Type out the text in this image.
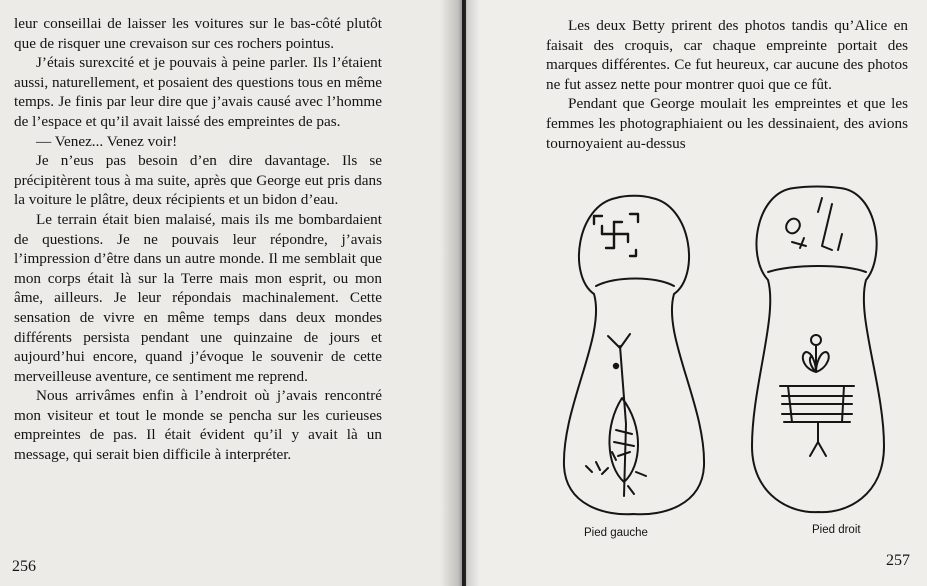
leur conseillai de laisser les voitures sur le bas-côté plutôt que de risquer une crevaison sur ces rochers pointus.

J’étais surexcité et je pouvais à peine parler. Ils l’étaient aussi, naturellement, et posaient des questions tous en même temps. Je finis par leur dire que j’avais causé avec l’homme de l’espace et qu’il avait laissé des empreintes de pas.

— Venez... Venez voir!

Je n’eus pas besoin d’en dire davantage. Ils se précipitèrent tous à ma suite, après que George eut pris dans la voiture le plâtre, deux récipients et un bidon d’eau.

Le terrain était bien malaisé, mais ils me bombardaient de questions. Je ne pouvais leur répondre, j’avais l’impression d’être dans un autre monde. Il me semblait que mon corps était là sur la Terre mais mon esprit, ou mon âme, ailleurs. Je leur répondais machinalement. Cette sensation de vivre en même temps dans deux mondes différents persista pendant une quinzaine de jours et aujourd’hui encore, quand j’évoque le souvenir de cette merveilleuse aventure, ce sentiment me reprend.

Nous arrivâmes enfin à l’endroit où j’avais rencontré mon visiteur et tout le monde se pencha sur les curieuses empreintes de pas. Il était évident qu’il y avait là un message, qui serait bien difficile à interpréter.

256

Les deux Betty prirent des photos tandis qu’Alice en faisait des croquis, car chaque empreinte portait des marques différentes. Ce fut heureux, car aucune des photos ne fut assez nette pour montrer quoi que ce fût.

Pendant que George moulait les empreintes et que les femmes les photographiaient ou les dessinaient, des avions tournoyaient au-dessus

Pied gauche	Pied droit
257
